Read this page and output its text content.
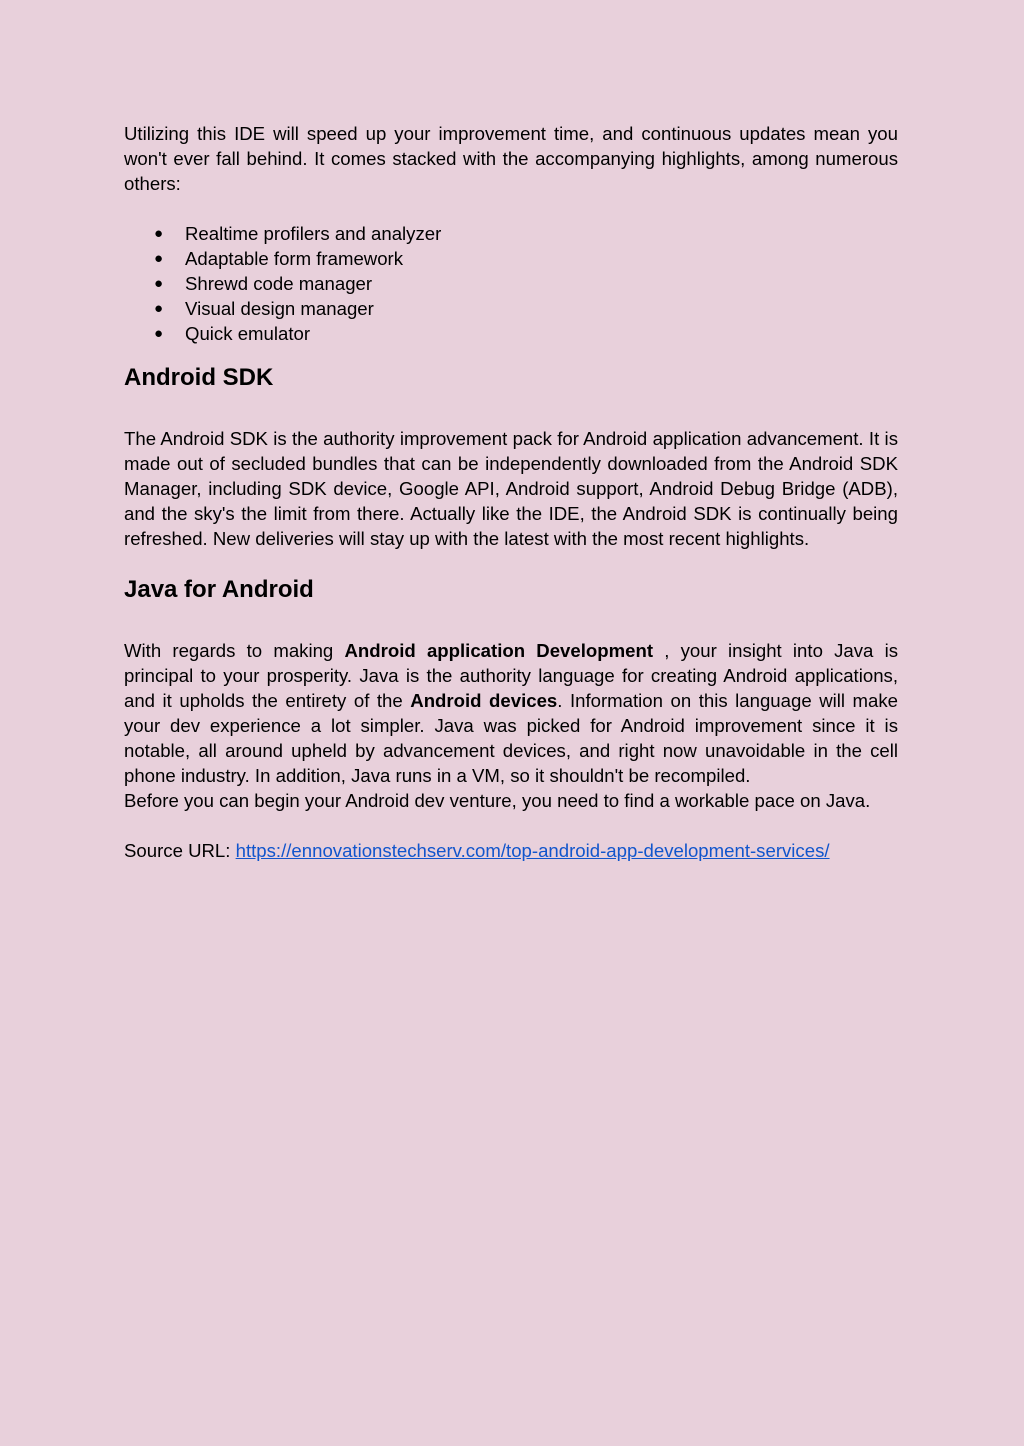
Utilizing this IDE will speed up your improvement time, and continuous updates mean you won't ever fall behind. It comes stacked with the accompanying highlights, among numerous others:

● Realtime profilers and analyzer
● Adaptable form framework
● Shrewd code manager
● Visual design manager
● Quick emulator
Android SDK

The Android SDK is the authority improvement pack for Android application advancement. It is made out of secluded bundles that can be independently downloaded from the Android SDK Manager, including SDK device, Google API, Android support, Android Debug Bridge (ADB), and the sky's the limit from there. Actually like the IDE, the Android SDK is continually being refreshed. New deliveries will stay up with the latest with the most recent highlights.

Java for Android

With regards to making Android application Development , your insight into Java is principal to your prosperity. Java is the authority language for creating Android applications, and it upholds the entirety of the Android devices. Information on this language will make your dev experience a lot simpler. Java was picked for Android improvement since it is notable, all around upheld by advancement devices, and right now unavoidable in the cell phone industry. In addition, Java runs in a VM, so it shouldn't be recompiled.

Before you can begin your Android dev venture, you need to find a workable pace on Java.

Source URL: https://ennovationstechserv.com/top-android-app-development-services/
